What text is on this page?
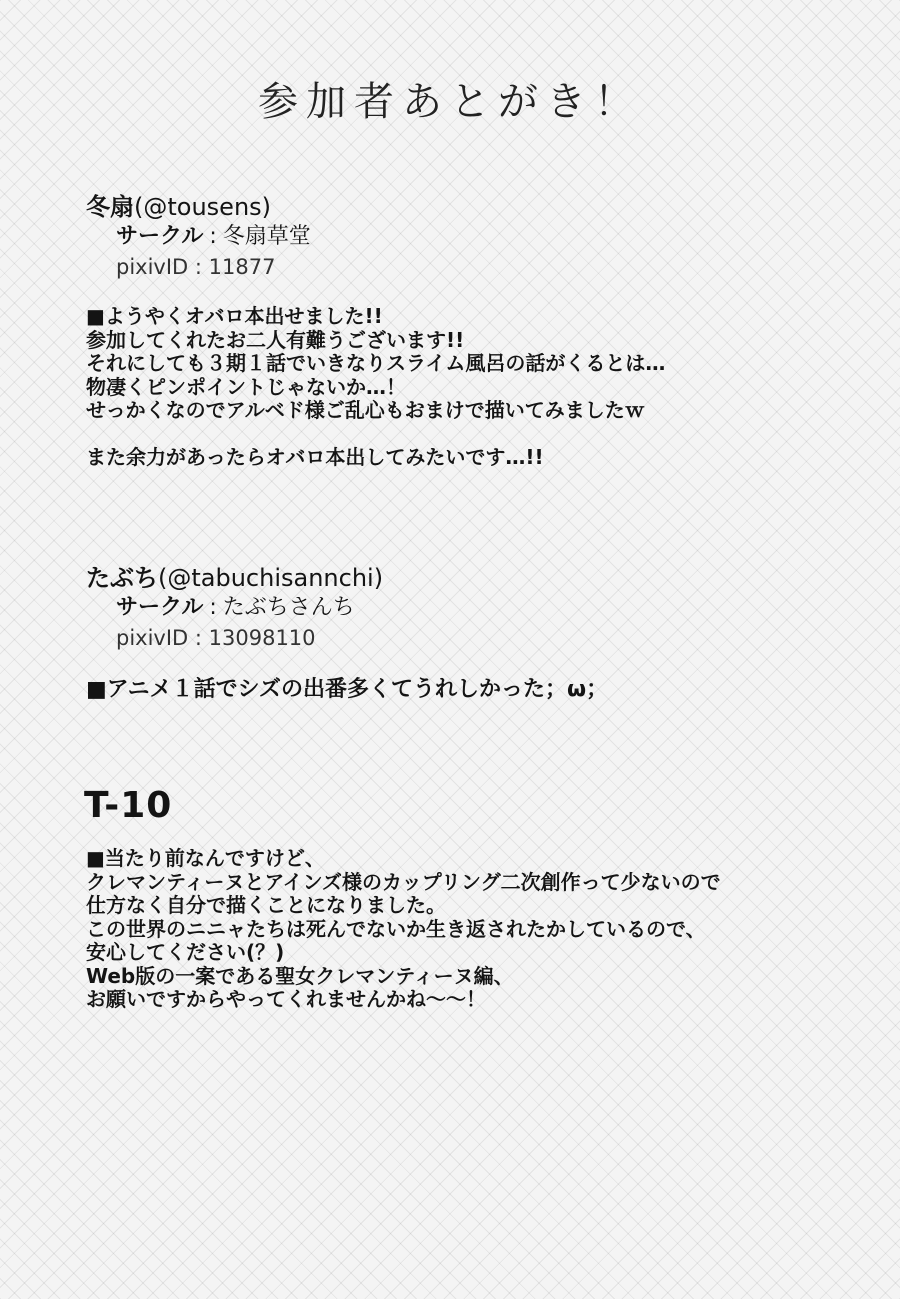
参加者あとがき！

冬扇(@tousens)

サークル : 冬扇草堂

pixivID : 11877

■ようやくオバロ本出せました!!

参加してくれたお二人有難うございます!!

それにしても３期１話でいきなりスライム風呂の話がくるとは…

物凄くピンポイントじゃないか…！

せっかくなのでアルベド様ご乱心もおまけで描いてみましたｗ

また余力があったらオバロ本出してみたいです…!!

たぶち(@tabuchisannchi)

サークル : たぶちさんち

pixivID : 13098110

■アニメ１話でシズの出番多くてうれしかった；ω；

T-10

■当たり前なんですけど、

クレマンティーヌとアインズ様のカップリング二次創作って少ないので

仕方なく自分で描くことになりました。

この世界のニニャたちは死んでないか生き返されたかしているので、

安心してください(？)

Web版の一案である聖女クレマンティーヌ編、

お願いですからやってくれませんかね～～！
